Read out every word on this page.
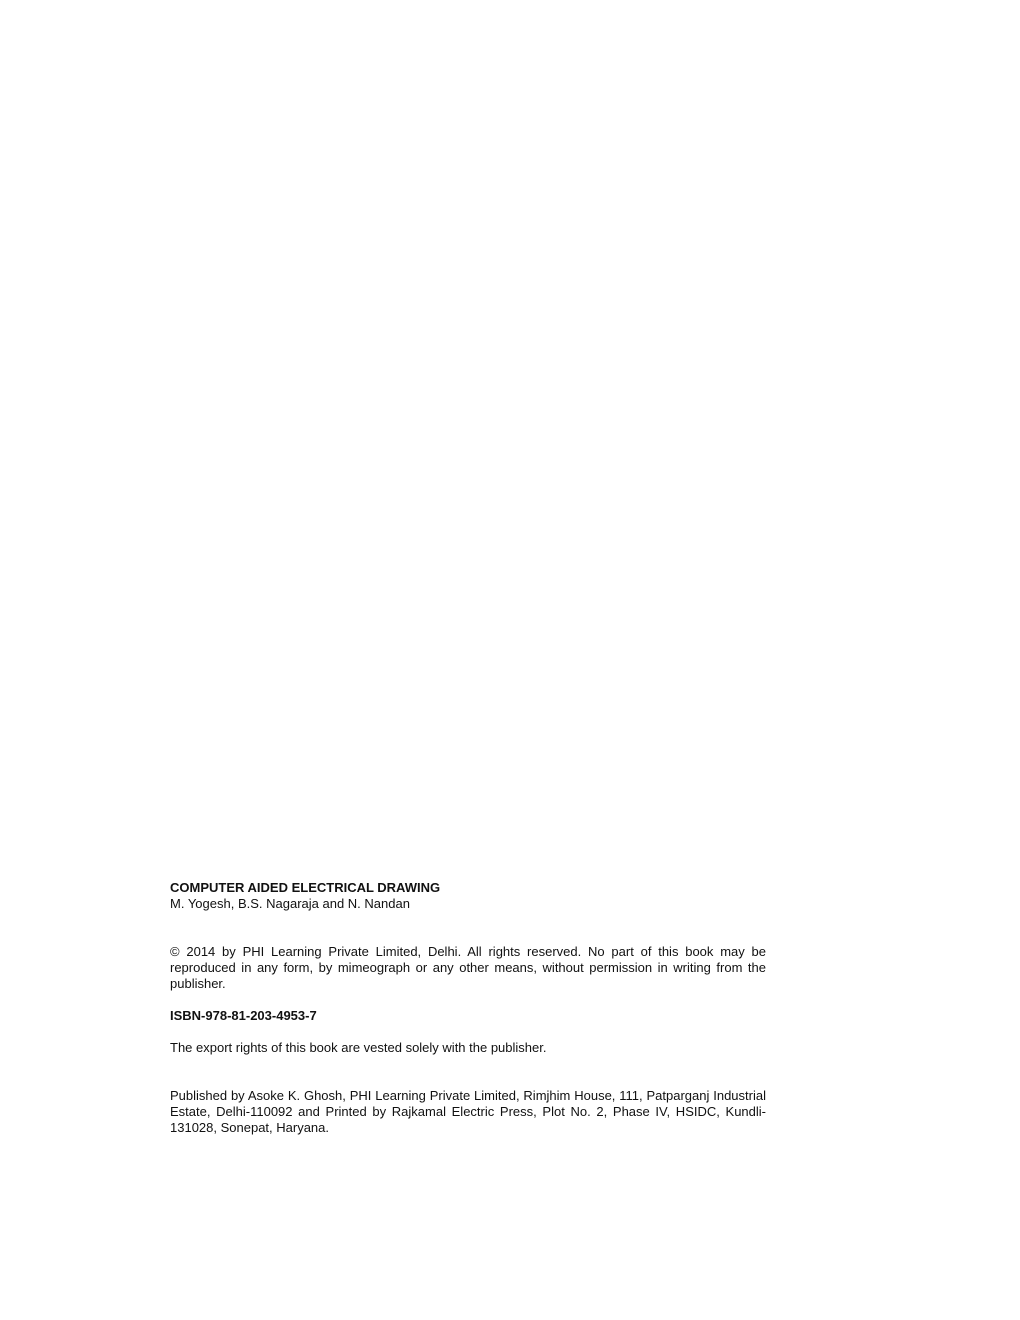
COMPUTER AIDED ELECTRICAL DRAWING

M. Yogesh, B.S. Nagaraja and N. Nandan

© 2014 by PHI Learning Private Limited, Delhi. All rights reserved. No part of this book may be reproduced in any form, by mimeograph or any other means, without permission in writing from the publisher.

ISBN-978-81-203-4953-7

The export rights of this book are vested solely with the publisher.

Published by Asoke K. Ghosh, PHI Learning Private Limited, Rimjhim House, 111, Patparganj Industrial Estate, Delhi-110092 and Printed by Rajkamal Electric Press, Plot No. 2, Phase IV, HSIDC, Kundli-131028, Sonepat, Haryana.
